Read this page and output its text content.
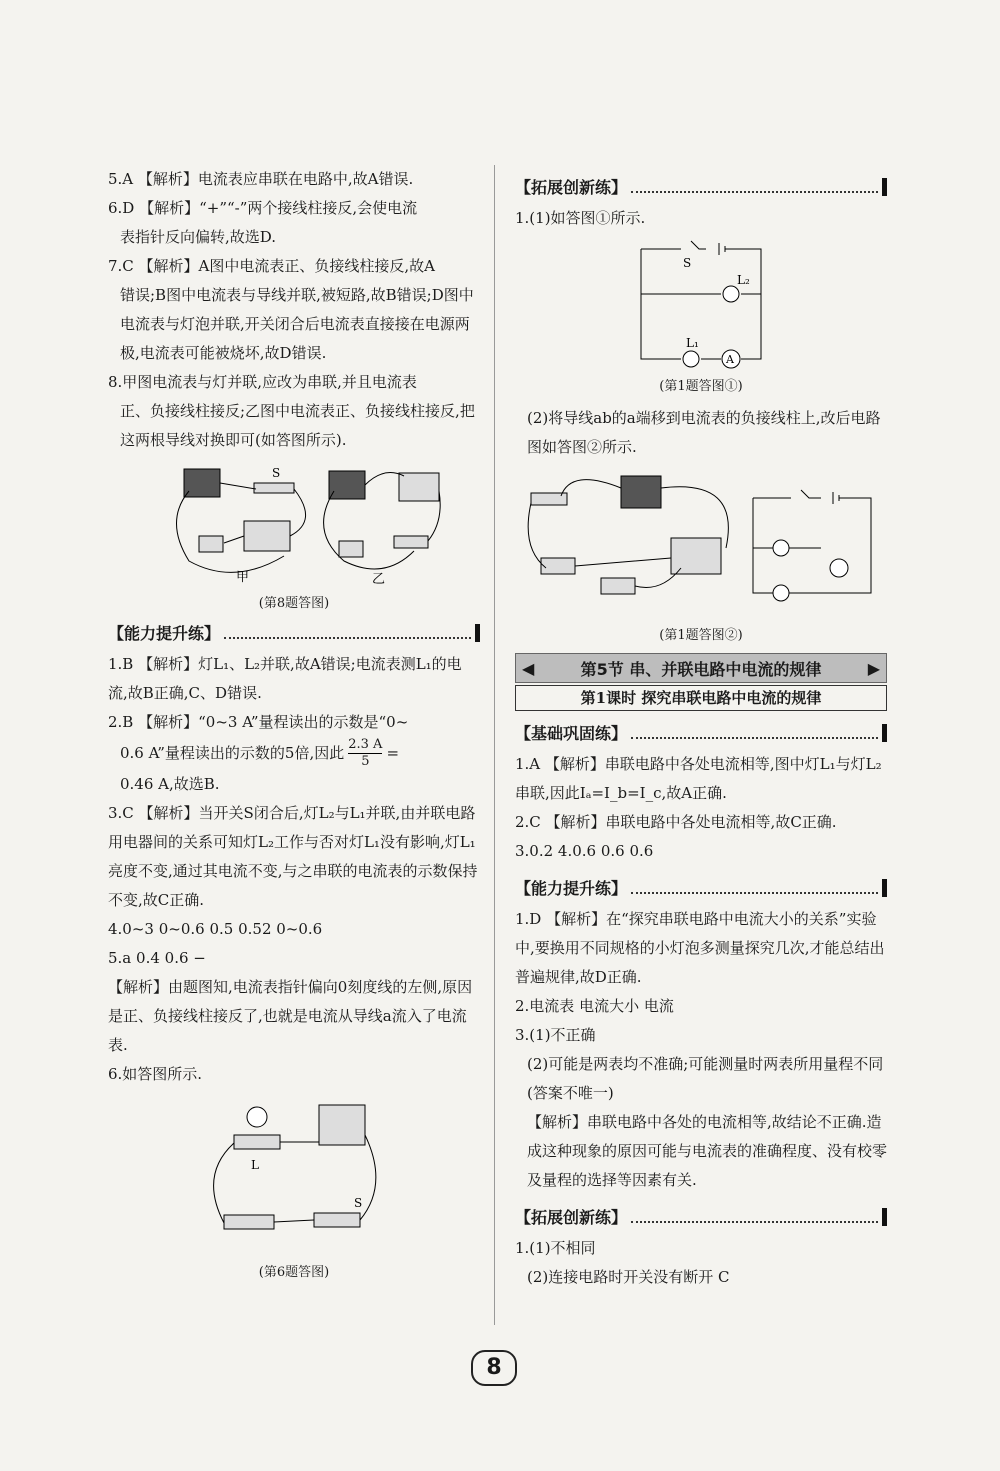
5.A 【解析】电流表应串联在电路中,故A错误.

6.D 【解析】“+”“-”两个接线柱接反,会使电流

表指针反向偏转,故选D.

7.C 【解析】A图中电流表正、负接线柱接反,故A

错误;B图中电流表与导线并联,被短路,故B错误;D图中电流表与灯泡并联,开关闭合后电流表直接接在电源两极,电流表可能被烧坏,故D错误.

8.甲图电流表与灯并联,应改为串联,并且电流表

正、负接线柱接反;乙图中电流表正、负接线柱接反,把这两根导线对换即可(如答图所示).

甲	乙
S

(第8题答图)

【能力提升练】

1.B 【解析】灯L₁、L₂并联,故A错误;电流表测L₁的电流,故B正确,C、D错误.

2.B 【解析】“0~3 A”量程读出的示数是“0~

0.6 A”量程读出的示数的5倍,因此 $\frac{2.3 A}{5}$ =

0.46 A,故选B.

3.C 【解析】当开关S闭合后,灯L₂与L₁并联,由并联电路用电器间的关系可知灯L₂工作与否对灯L₁没有影响,灯L₁亮度不变,通过其电流不变,与之串联的电流表的示数保持不变,故C正确.

4.0~3 0~0.6 0.5 0.52 0~0.6

5.a 0.4 0.6 −

【解析】由题图知,电流表指针偏向0刻度线的左侧,原因是正、负接线柱接反了,也就是电流从导线a流入了电流表.

6.如答图所示.

L
S

(第6题答图)

【拓展创新练】

1.(1)如答图①所示.

S
L₂
L₁
A

(第1题答图①)

(2)将导线ab的a端移到电流表的负接线柱上,改后电路图如答图②所示.

(第1题答图②)

◀	第5节 串、并联电路中电流的规律	▶
第1课时 探究串联电路中电流的规律
【基础巩固练】

1.A 【解析】串联电路中各处电流相等,图中灯L₁与灯L₂串联,因此Iₐ=I_b=I_c,故A正确.

2.C 【解析】串联电路中各处电流相等,故C正确.

3.0.2 4.0.6 0.6 0.6

【能力提升练】

1.D 【解析】在“探究串联电路中电流大小的关系”实验中,要换用不同规格的小灯泡多测量探究几次,才能总结出普遍规律,故D正确.

2.电流表 电流大小 电流

3.(1)不正确

(2)可能是两表均不准确;可能测量时两表所用量程不同(答案不唯一)

【解析】串联电路中各处的电流相等,故结论不正确.造成这种现象的原因可能与电流表的准确程度、没有校零及量程的选择等因素有关.

【拓展创新练】

1.(1)不相同

(2)连接电路时开关没有断开 C

8
